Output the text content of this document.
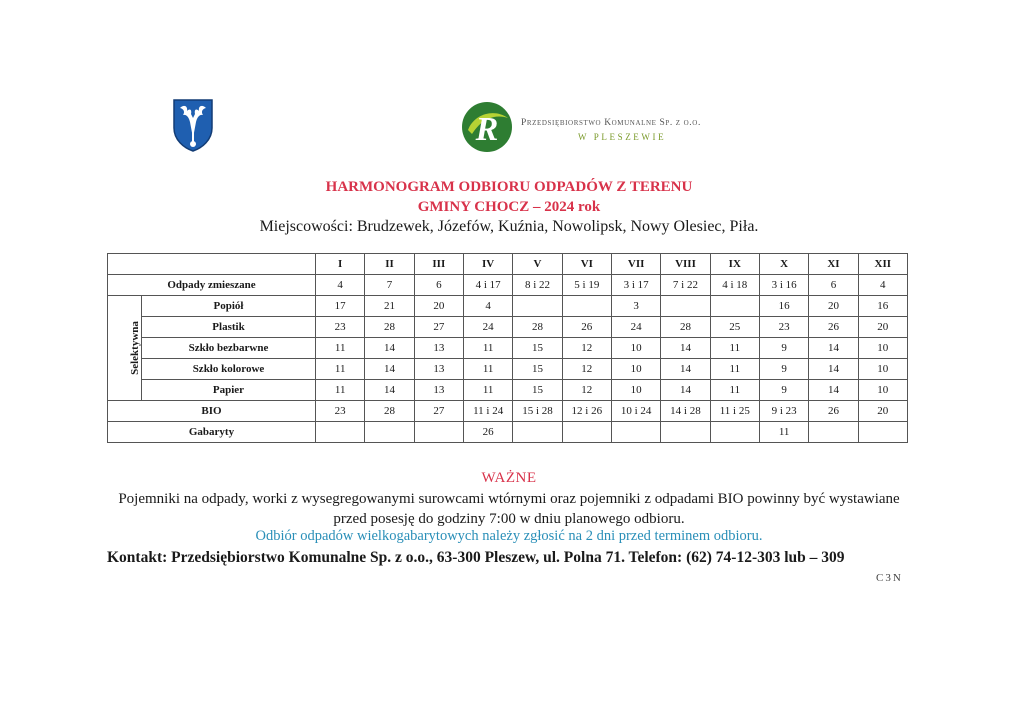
R Przedsiębiorstwo Komunalne Sp. z o.o.
W PLESZEWIE
HARMONOGRAM ODBIORU ODPADÓW Z TERENU
GMINY CHOCZ – 2024 rok
Miejscowości: Brudzewek, Józefów, Kuźnia, Nowolipsk, Nowy Olesiec, Piła.
		I	II	III	IV	V	VI	VII	VIII	IX	X	XI	XII
Odpady zmieszane		4	7	6	4 i 17	8 i 22	5 i 19	3 i 17	7 i 22	4 i 18	3 i 16	6	4
Selektywna	Popiół	17	21	20	4			3			16	20	16
	Plastik	23	28	27	24	28	26	24	28	25	23	26	20
	Szkło bezbarwne	11	14	13	11	15	12	10	14	11	9	14	10
	Szkło kolorowe	11	14	13	11	15	12	10	14	11	9	14	10
	Papier	11	14	13	11	15	12	10	14	11	9	14	10
BIO		23	28	27	11 i 24	15 i 28	12 i 26	10 i 24	14 i 28	11 i 25	9 i 23	26	20
Gabaryty					26						11		
WAŻNE
Pojemniki na odpady, worki z wysegregowanymi surowcami wtórnymi oraz pojemniki z odpadami BIO powinny być wystawiane przed posesję do godziny 7:00 w dniu planowego odbioru.
Odbiór odpadów wielkogabarytowych należy zgłosić na 2 dni przed terminem odbioru.
Kontakt: Przedsiębiorstwo Komunalne Sp. z o.o., 63-300 Pleszew, ul. Polna 71. Telefon: (62) 74-12-303 lub – 309
C3N
